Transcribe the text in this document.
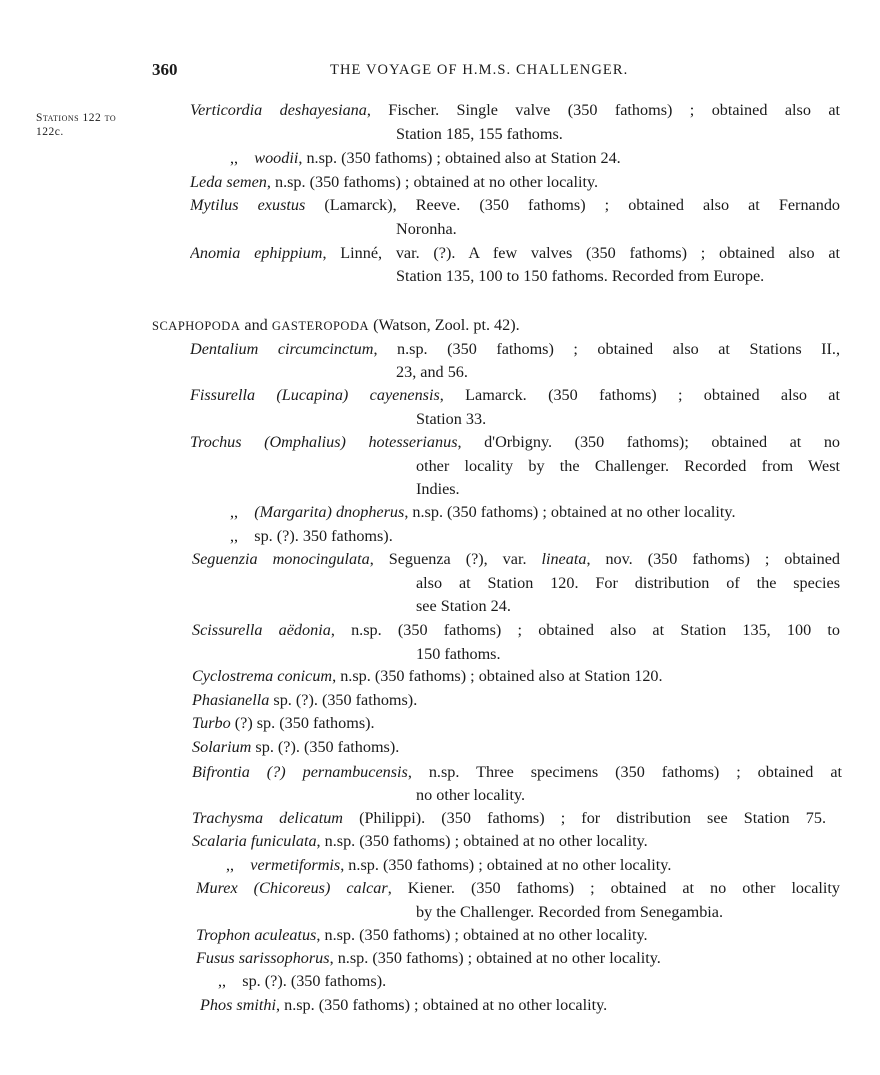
360	THE VOYAGE OF H.M.S. CHALLENGER.
Stations 122 to
122c.
Verticordia deshayesiana, Fischer. Single valve (350 fathoms) ; obtained also at
Station 185, 155 fathoms.
,,  woodii, n.sp. (350 fathoms) ; obtained also at Station 24.
Leda semen, n.sp. (350 fathoms) ; obtained at no other locality.
Mytilus exustus (Lamarck), Reeve. (350 fathoms) ; obtained also at Fernando
Noronha.
Anomia ephippium, Linné, var. (?). A few valves (350 fathoms) ; obtained also at
Station 135, 100 to 150 fathoms. Recorded from Europe.
SCAPHOPODA and GASTEROPODA (Watson, Zool. pt. 42).
Dentalium circumcinctum, n.sp. (350 fathoms) ; obtained also at Stations II.,
23, and 56.
Fissurella (Lucapina) cayenensis, Lamarck. (350 fathoms) ; obtained also at
Station 33.
Trochus (Omphalius) hotesserianus, d'Orbigny. (350 fathoms); obtained at no
other locality by the Challenger. Recorded from West
Indies.
,,  (Margarita) dnopherus, n.sp. (350 fathoms) ; obtained at no other locality.
,,  sp. (?). 350 fathoms).
Seguenzia monocingulata, Seguenza (?), var. lineata, nov. (350 fathoms) ; obtained
also at Station 120. For distribution of the species
see Station 24.
Scissurella aëdonia, n.sp. (350 fathoms) ; obtained also at Station 135, 100 to
150 fathoms.
Cyclostrema conicum, n.sp. (350 fathoms) ; obtained also at Station 120.
Phasianella sp. (?). (350 fathoms).
Turbo (?) sp. (350 fathoms).
Solarium sp. (?). (350 fathoms).
Bifrontia (?) pernambucensis, n.sp. Three specimens (350 fathoms) ; obtained at
no other locality.
Trachysma delicatum (Philippi). (350 fathoms) ; for distribution see Station 75.
Scalaria funiculata, n.sp. (350 fathoms) ; obtained at no other locality.
,,  vermetiformis, n.sp. (350 fathoms) ; obtained at no other locality.
Murex (Chicoreus) calcar, Kiener. (350 fathoms) ; obtained at no other locality
by the Challenger. Recorded from Senegambia.
Trophon aculeatus, n.sp. (350 fathoms) ; obtained at no other locality.
Fusus sarissophorus, n.sp. (350 fathoms) ; obtained at no other locality.
,,  sp. (?). (350 fathoms).
Phos smithi, n.sp. (350 fathoms) ; obtained at no other locality.
